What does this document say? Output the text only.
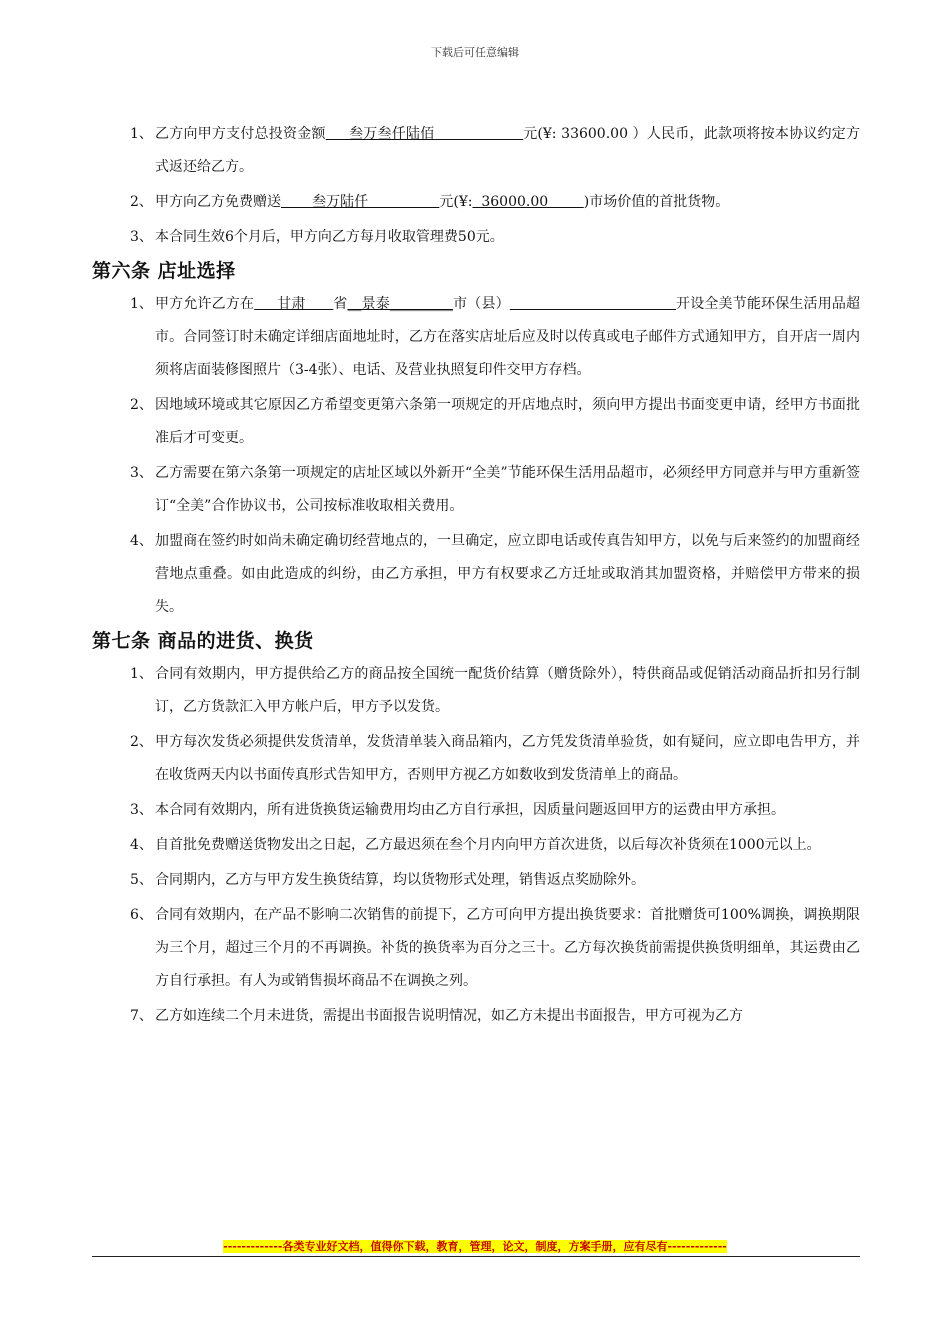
下载后可任意编辑
1、 乙方向甲方支付总投资金额     叁万叁仟陆佰                   元(¥: 33600.00 ）人民币，此款项将按本协议约定方式返还给乙方。
2、 甲方向乙方免费赠送       叁万陆仟                元(¥:  36000.00        )市场价值的首批货物。
3、 本合同生效6个月后，甲方向乙方每月收取管理费50元。
第六条 店址选择
1、 甲方允许乙方在     甘肃      省__景泰_________市（县）	开设全美节能环保生活用品超市。合同签订时未确定详细店面地址时，乙方在落实店址后应及时以传真或电子邮件方式通知甲方，自开店一周内须将店面装修图照片（3-4张）、电话、及营业执照复印件交甲方存档。
2、 因地域环境或其它原因乙方希望变更第六条第一项规定的开店地点时，须向甲方提出书面变更申请，经甲方书面批准后才可变更。
3、 乙方需要在第六条第一项规定的店址区域以外新开“全美”节能环保生活用品超市，必须经甲方同意并与甲方重新签订“全美”合作协议书，公司按标准收取相关费用。
4、 加盟商在签约时如尚未确定确切经营地点的，一旦确定，应立即电话或传真告知甲方，以免与后来签约的加盟商经营地点重叠。如由此造成的纠纷，由乙方承担，甲方有权要求乙方迁址或取消其加盟资格，并赔偿甲方带来的损失。
第七条 商品的进货、换货
1、 合同有效期内，甲方提供给乙方的商品按全国统一配货价结算（赠货除外），特供商品或促销活动商品折扣另行制订，乙方货款汇入甲方帐户后，甲方予以发货。
2、 甲方每次发货必须提供发货清单，发货清单装入商品箱内，乙方凭发货清单验货，如有疑问，应立即电告甲方，并在收货两天内以书面传真形式告知甲方，否则甲方视乙方如数收到发货清单上的商品。
3、 本合同有效期内，所有进货换货运输费用均由乙方自行承担，因质量问题返回甲方的运费由甲方承担。
4、 自首批免费赠送货物发出之日起，乙方最迟须在叁个月内向甲方首次进货，以后每次补货须在1000元以上。
5、 合同期内，乙方与甲方发生换货结算，均以货物形式处理，销售返点奖励除外。
6、 合同有效期内，在产品不影响二次销售的前提下，乙方可向甲方提出换货要求：首批赠货可100%调换，调换期限为三个月，超过三个月的不再调换。补货的换货率为百分之三十。乙方每次换货前需提供换货明细单，其运费由乙方自行承担。有人为或销售损坏商品不在调换之列。
7、 乙方如连续二个月未进货，需提出书面报告说明情况，如乙方未提出书面报告，甲方可视为乙方
-------------各类专业好文档，值得你下载，教育，管理，论文，制度，方案手册，应有尽有-------------
